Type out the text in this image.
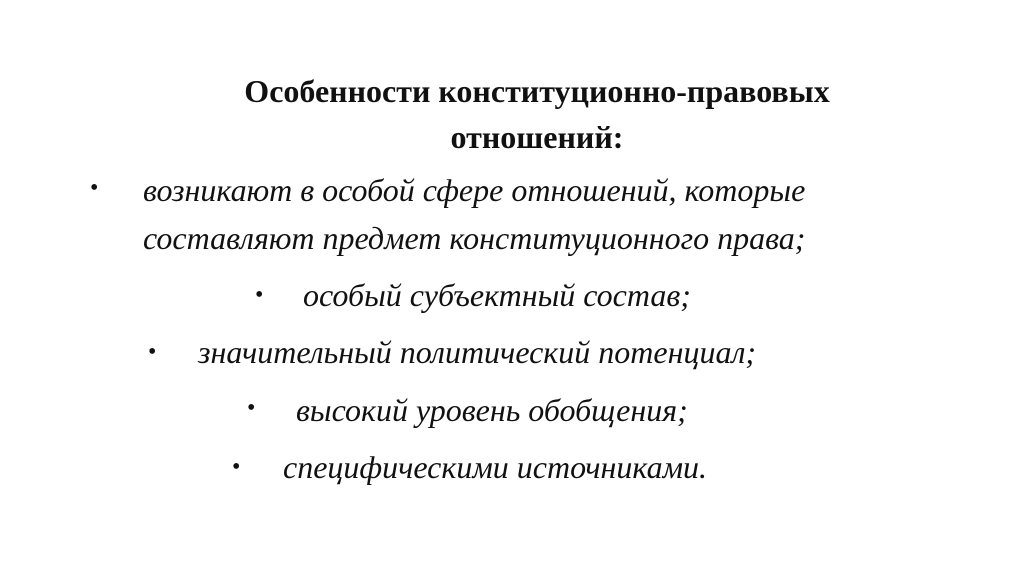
Особенности конституционно-правовых
отношений:
• возникают в особой сфере отношений, которые
составляют предмет конституционного права;
• особый субъектный состав;
• значительный политический потенциал;
• высокий уровень обобщения;
• специфическими источниками.
